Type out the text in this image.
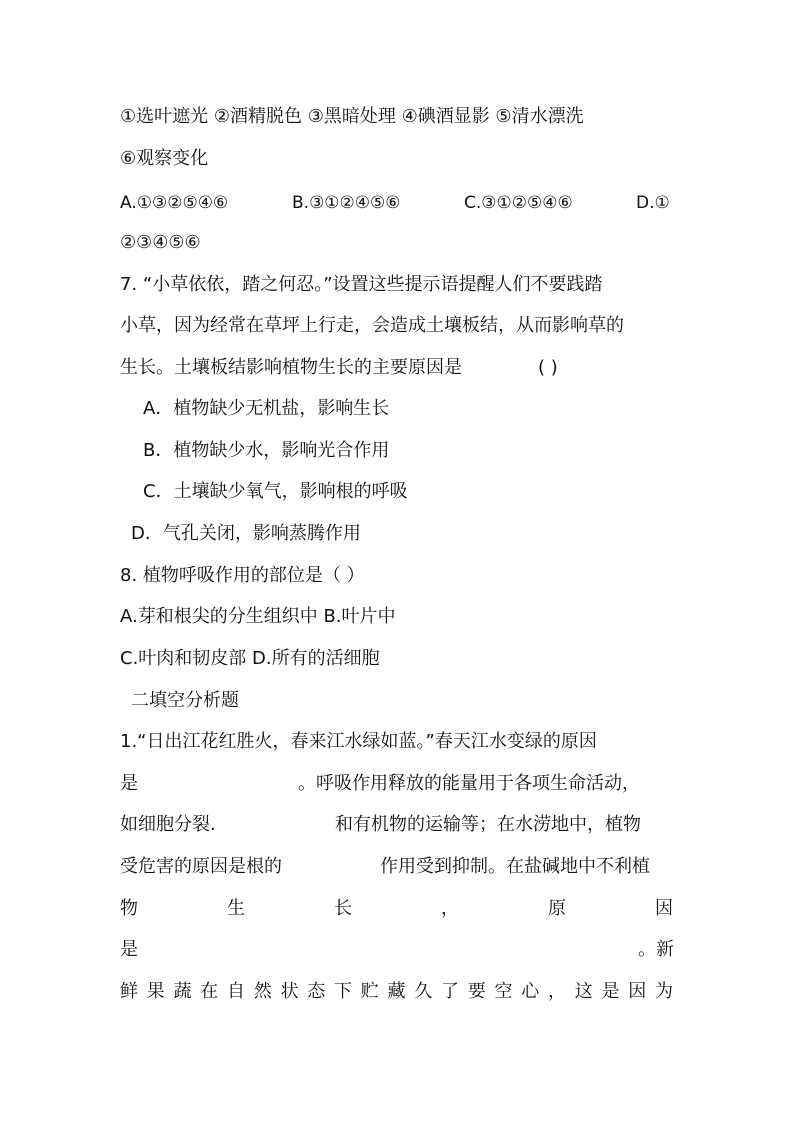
①选叶遮光 ②酒精脱色 ③黑暗处理 ④碘酒显影 ⑤清水漂洗
⑥观察变化
A.①③②⑤④⑥	B.③①②④⑤⑥	C.③①②⑤④⑥	D.①
②③④⑤⑥
7. “小草依依，踏之何忍。”设置这些提示语提醒人们不要践踏
小草，因为经常在草坪上行走，会造成土壤板结，从而影响草的
生长。土壤板结影响植物生长的主要原因是	( )
A．植物缺少无机盐，影响生长
B．植物缺少水，影响光合作用
C．土壤缺少氧气，影响根的呼吸
D．气孔关闭，影响蒸腾作用
8. 植物呼吸作用的部位是（ ）
A.芽和根尖的分生组织中 B.叶片中
C.叶肉和韧皮部 D.所有的活细胞
二填空分析题
1.“日出江花红胜火，春来江水绿如蓝。”春天江水变绿的原因
是	。呼吸作用释放的能量用于各项生命活动，
如细胞分裂.	和有机物的运输等；在水涝地中，植物
受危害的原因是根的	作用受到抑制。在盐碱地中不利植
物	生	长	，	原	因
是	。新
鲜 果 蔬 在 自 然 状 态 下 贮 藏 久 了 要 空 心 ， 这 是 因 为
